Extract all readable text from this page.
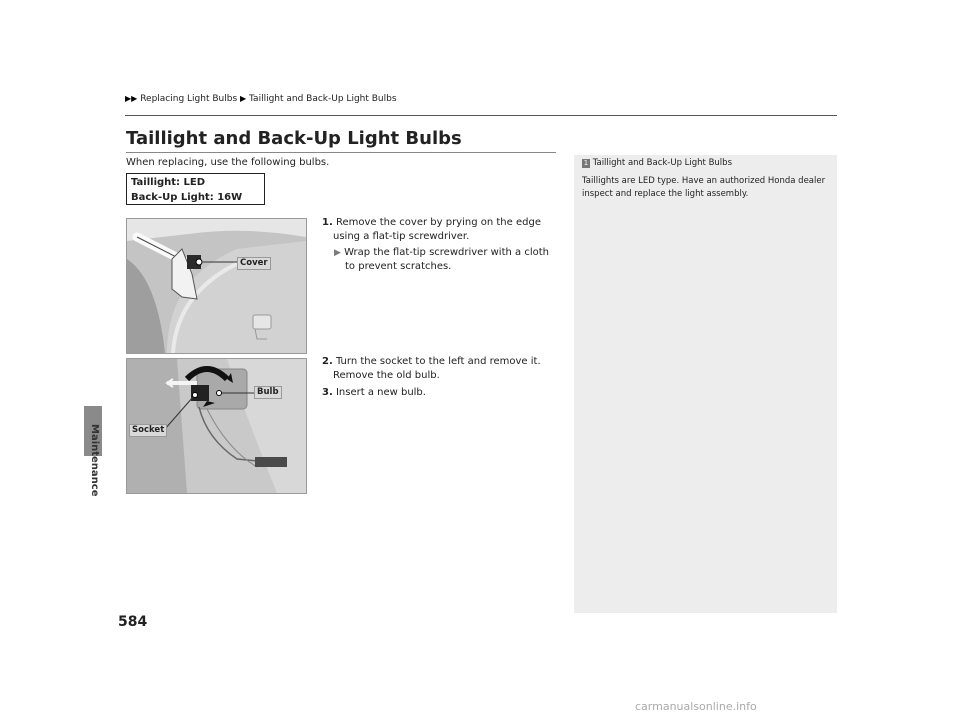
▶▶ Replacing Light Bulbs ▶ Taillight and Back-Up Light Bulbs
Maintenance
584
Taillight and Back-Up Light Bulbs
When replacing, use the following bulbs.
Taillight: LED
Back-Up Light: 16W
⋮
Cover
Bulb
Socket
1. Remove the cover by prying on the edge
using a flat-tip screwdriver.
▶ Wrap the flat-tip screwdriver with a cloth
to prevent scratches.
2. Turn the socket to the left and remove it.
Remove the old bulb.
3. Insert a new bulb.
1 Taillight and Back-Up Light Bulbs
Taillights are LED type. Have an authorized Honda dealer inspect and replace the light assembly.
carmanualsonline.info
